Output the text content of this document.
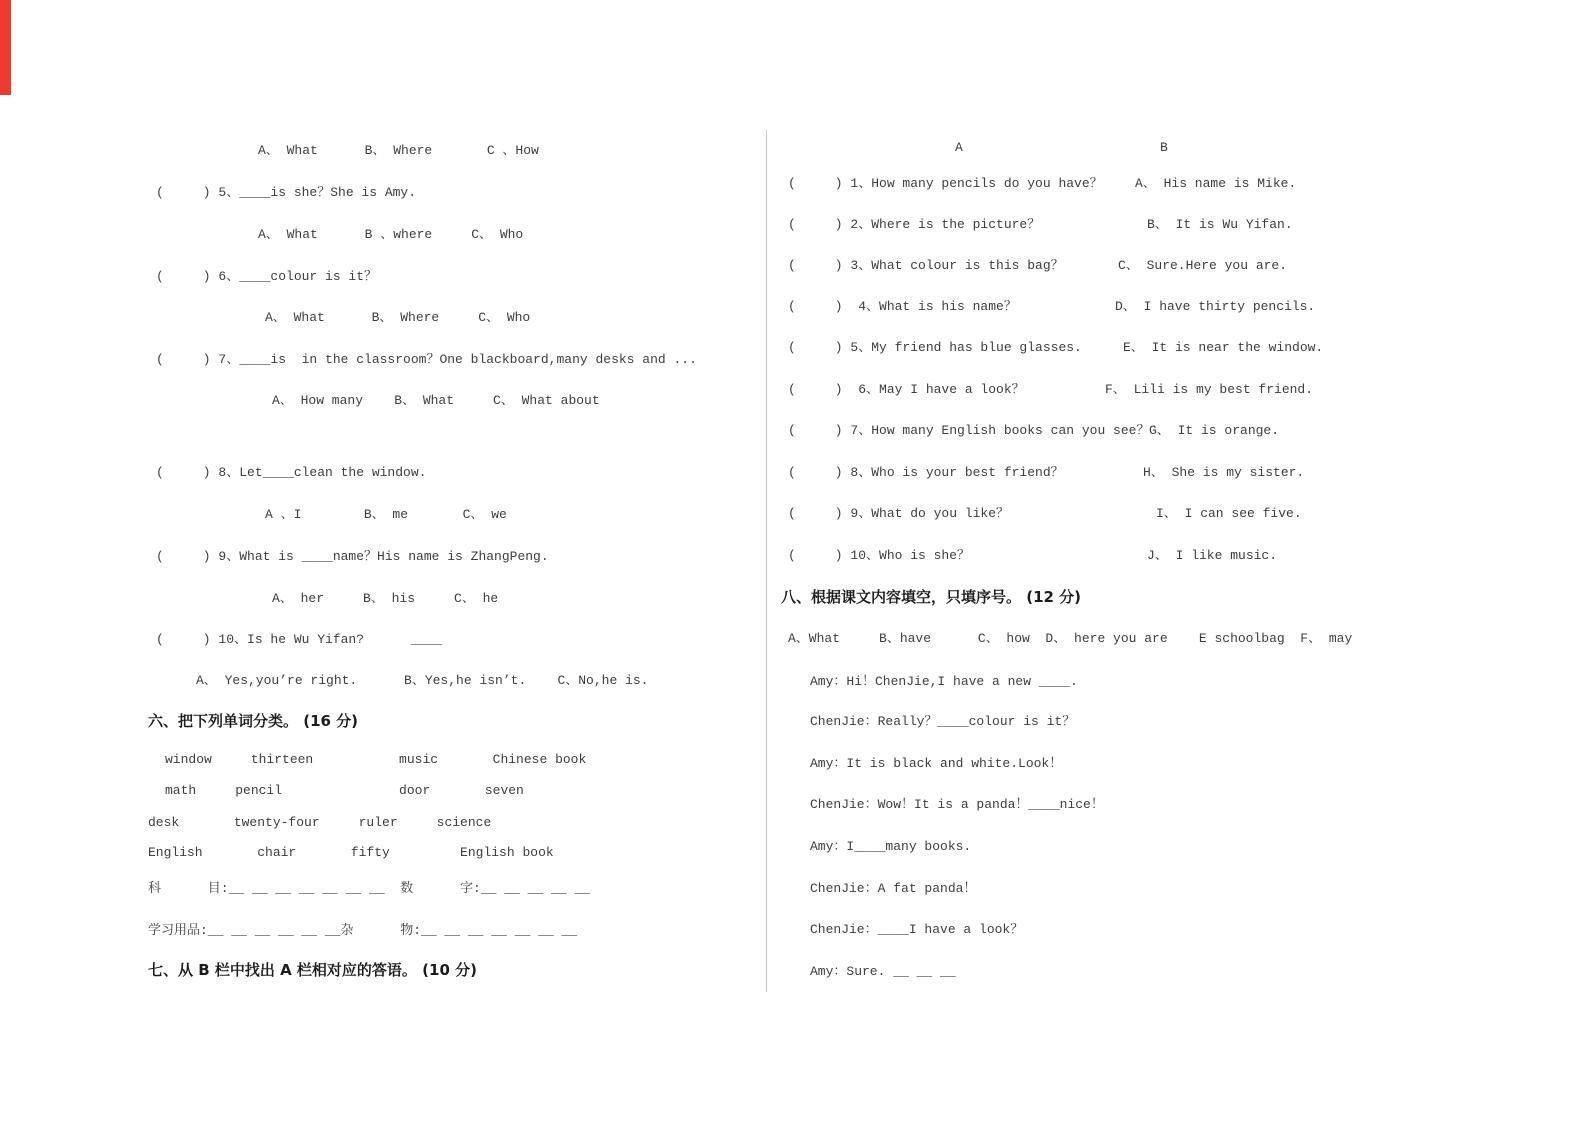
A、 What      B、 Where       C 、How
(     ) 5、____is she？She is Amy.
A、 What      B 、where     C、 Who
(     ) 6、____colour is it？
A、 What      B、 Where     C、 Who
(     ) 7、____is  in the classroom？One blackboard,many desks and ...
A、 How many    B、 What     C、 What about
(     ) 8、Let____clean the window.
A 、I        B、 me       C、 we
(     ) 9、What is ____name？His name is ZhangPeng.
A、 her     B、 his     C、 he
(     ) 10、Is he Wu Yifan?      ____
A、 Yes,you’re right.      B、Yes,he isn’t.    C、No,he is.
六、把下列单词分类。 (16 分)
window     thirteen           music       Chinese book
math     pencil               door       seven
desk       twenty-four     ruler     science
English       chair       fifty         English book
科      目:__ __ __ __ __ __ __  数      字:__ __ __ __ __
学习用品:__ __ __ __ __ __杂      物:__ __ __ __ __ __ __
七、从 B 栏中找出 A 栏相对应的答语。 (10 分)
A	B
(     ) 1、How many pencils do you have？ A、 His name is Mike.
(     ) 2、Where is the picture？	B、 It is Wu Yifan.
(     ) 3、What colour is this bag？	C、 Sure.Here you are.
(     )  4、What is his name？	D、 I have thirty pencils.
(     ) 5、My friend has blue glasses.	E、 It is near the window.
(     )  6、May I have a look？	F、 Lili is my best friend.
(     ) 7、How many English books can you see？ G、 It is orange.
(     ) 8、Who is your best friend？	H、 She is my sister.
(     ) 9、What do you like？	I、 I can see five.
(     ) 10、Who is she？	J、 I like music.
八、根据课文内容填空，只填序号。 (12 分)
A、What     B、have      C、 how  D、 here you are    E schoolbag  F、 may
Amy：Hi！ChenJie,I have a new ____.
ChenJie：Really？____colour is it？
Amy：It is black and white.Look！
ChenJie：Wow！It is a panda！____nice！
Amy：I____many books.
ChenJie：A fat panda！
ChenJie：____I have a look？
Amy：Sure. __ __ __
